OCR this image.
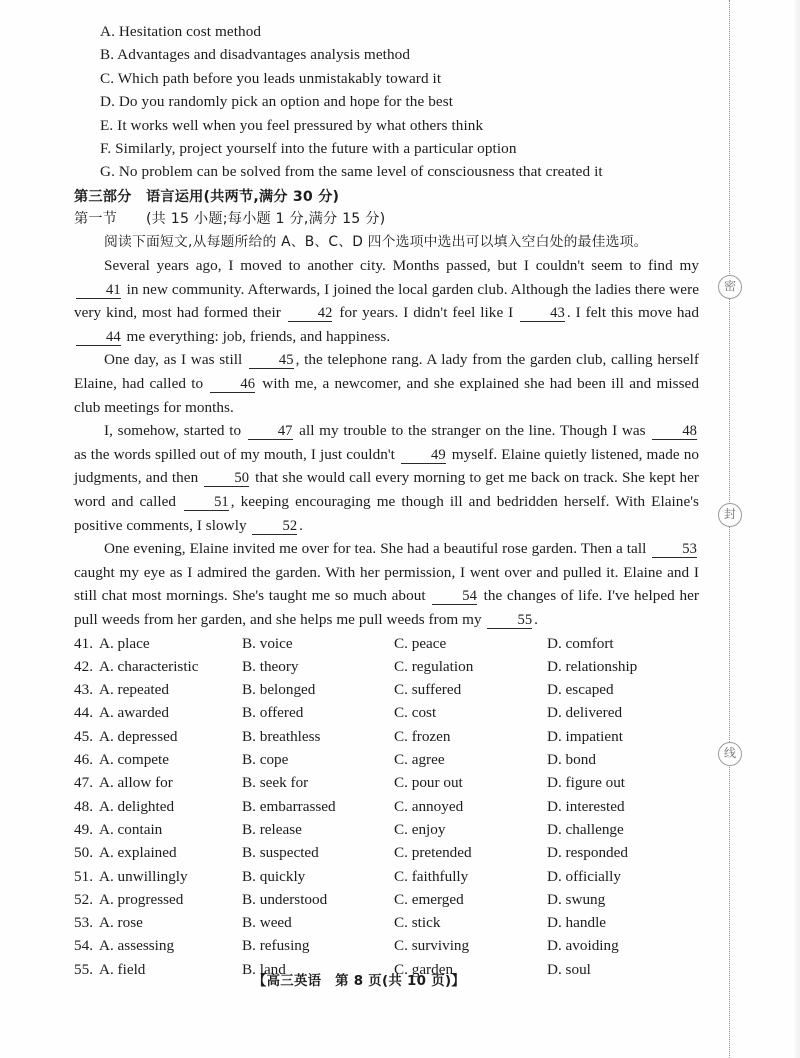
密
封
线
A. Hesitation cost method
B. Advantages and disadvantages analysis method
C. Which path before you leads unmistakably toward it
D. Do you randomly pick an option and hope for the best
E. It works well when you feel pressured by what others think
F. Similarly, project yourself into the future with a particular option
G. No problem can be solved from the same level of consciousness that created it
第三部分　语言运用(共两节,满分 30 分)
第一节　　(共 15 小题;每小题 1 分,满分 15 分)
阅读下面短文,从每题所给的 A、B、C、D 四个选项中选出可以填入空白处的最佳选项。

Several years ago, I moved to another city. Months passed, but I couldn't seem to find my 41 in new community. Afterwards, I joined the local garden club. Although the ladies there were very kind, most had formed their 42 for years. I didn't feel like I 43 . I felt this move had 44 me everything: job, friends, and happiness.

One day, as I was still 45 , the telephone rang. A lady from the garden club, calling herself Elaine, had called to 46 with me, a newcomer, and she explained she had been ill and missed club meetings for months.

I, somehow, started to 47 all my trouble to the stranger on the line. Though I was 48 as the words spilled out of my mouth, I just couldn't 49 myself. Elaine quietly listened, made no judgments, and then 50 that she would call every morning to get me back on track. She kept her word and called 51 , keeping encouraging me though ill and bedridden herself. With Elaine's positive comments, I slowly 52 .

One evening, Elaine invited me over for tea. She had a beautiful rose garden. Then a tall 53 caught my eye as I admired the garden. With her permission, I went over and pulled it. Elaine and I still chat most mornings. She's taught me so much about 54 the changes of life. I've helped her pull weeds from her garden, and she helps me pull weeds from my 55 .

41. A. place	B. voice	C. peace	D. comfort
42. A. characteristic	B. theory	C. regulation	D. relationship
43. A. repeated	B. belonged	C. suffered	D. escaped
44. A. awarded	B. offered	C. cost	D. delivered
45. A. depressed	B. breathless	C. frozen	D. impatient
46. A. compete	B. cope	C. agree	D. bond
47. A. allow for	B. seek for	C. pour out	D. figure out
48. A. delighted	B. embarrassed	C. annoyed	D. interested
49. A. contain	B. release	C. enjoy	D. challenge
50. A. explained	B. suspected	C. pretended	D. responded
51. A. unwillingly	B. quickly	C. faithfully	D. officially
52. A. progressed	B. understood	C. emerged	D. swung
53. A. rose	B. weed	C. stick	D. handle
54. A. assessing	B. refusing	C. surviving	D. avoiding
55. A. field	B. land	C. garden	D. soul
【高三英语　第 8 页(共 10 页)】
